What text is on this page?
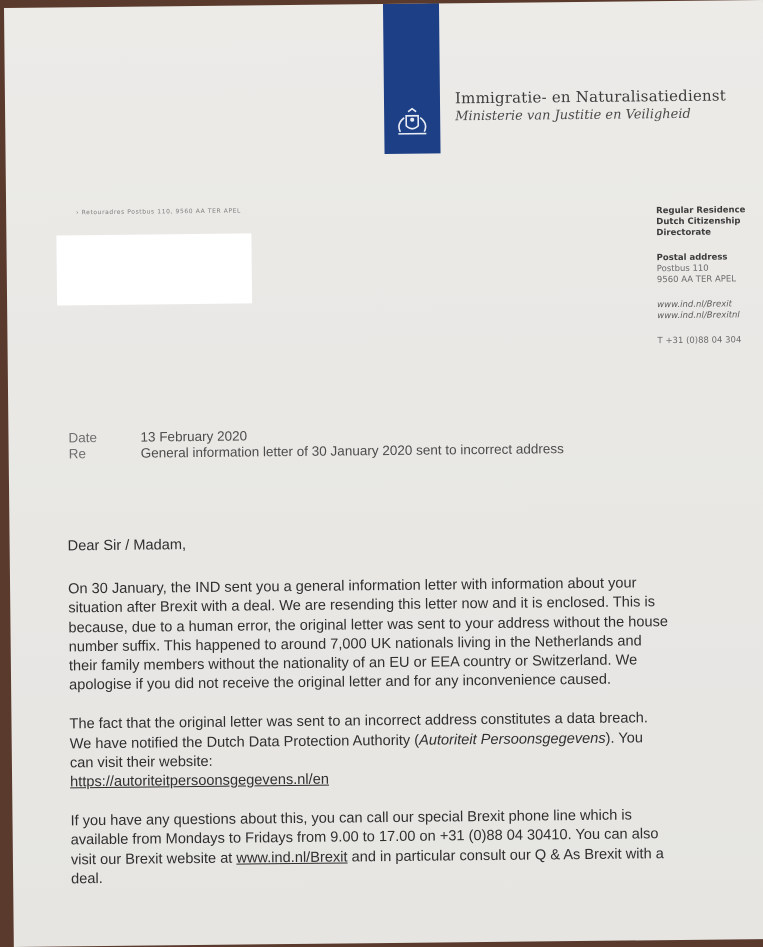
Immigratie- en Naturalisatiedienst
Ministerie van Justitie en Veiligheid
› Retouradres Postbus 110, 9560 AA TER APEL	Regular Residence
Dutch Citizenship
Directorate
Postal address
Postbus 110
9560 AA TER APEL
www.ind.nl/Brexit
www.ind.nl/Brexitnl
T +31 (0)88 04 304
Date	13 February 2020
Re	General information letter of 30 January 2020 sent to incorrect address

Dear Sir / Madam,

On 30 January, the IND sent you a general information letter with information about your situation after Brexit with a deal. We are resending this letter now and it is enclosed. This is because, due to a human error, the original letter was sent to your address without the house number suffix. This happened to around 7,000 UK nationals living in the Netherlands and their family members without the nationality of an EU or EEA country or Switzerland. We apologise if you did not receive the original letter and for any inconvenience caused.

The fact that the original letter was sent to an incorrect address constitutes a data breach. We have notified the Dutch Data Protection Authority (Autoriteit Persoonsgegevens). You can visit their website:
https://autoriteitpersoonsgegevens.nl/en

If you have any questions about this, you can call our special Brexit phone line which is available from Mondays to Fridays from 9.00 to 17.00 on +31 (0)88 04 30410. You can also visit our Brexit website at www.ind.nl/Brexit and in particular consult our Q & As Brexit with a deal.
